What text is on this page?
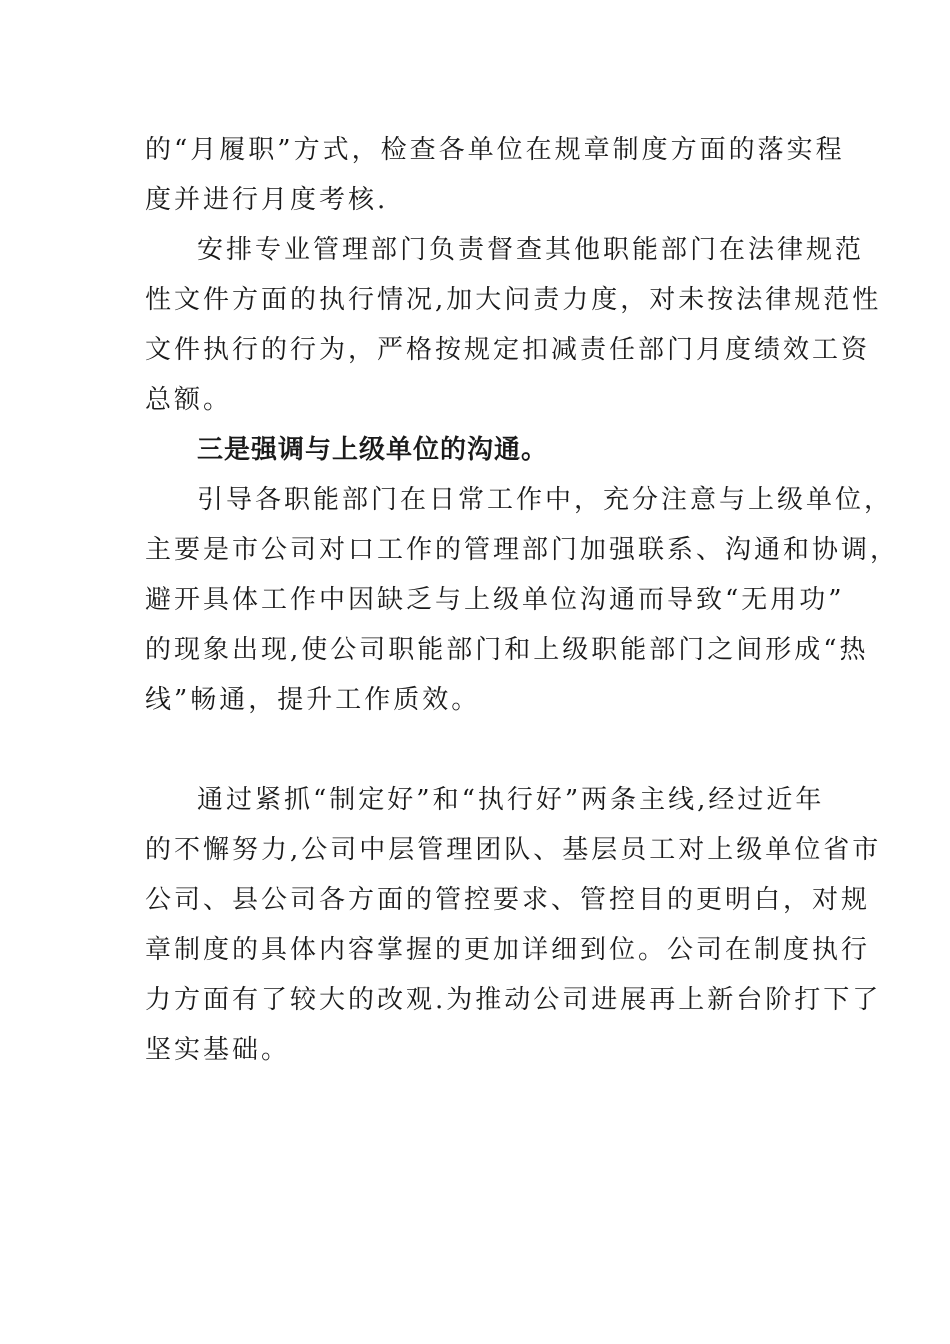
的“月履职”方式，检查各单位在规章制度方面的落实程
度并进行月度考核.
安排专业管理部门负责督查其他职能部门在法律规范
性文件方面的执行情况,加大问责力度，对未按法律规范性
文件执行的行为，严格按规定扣减责任部门月度绩效工资
总额。
三是强调与上级单位的沟通。
引导各职能部门在日常工作中，充分注意与上级单位，
主要是市公司对口工作的管理部门加强联系、沟通和协调，
避开具体工作中因缺乏与上级单位沟通而导致“无用功”
的现象出现,使公司职能部门和上级职能部门之间形成“热
线”畅通，提升工作质效。
通过紧抓“制定好”和“执行好”两条主线,经过近年
的不懈努力,公司中层管理团队、基层员工对上级单位省市
公司、县公司各方面的管控要求、管控目的更明白，对规
章制度的具体内容掌握的更加详细到位。公司在制度执行
力方面有了较大的改观.为推动公司进展再上新台阶打下了
坚实基础。
